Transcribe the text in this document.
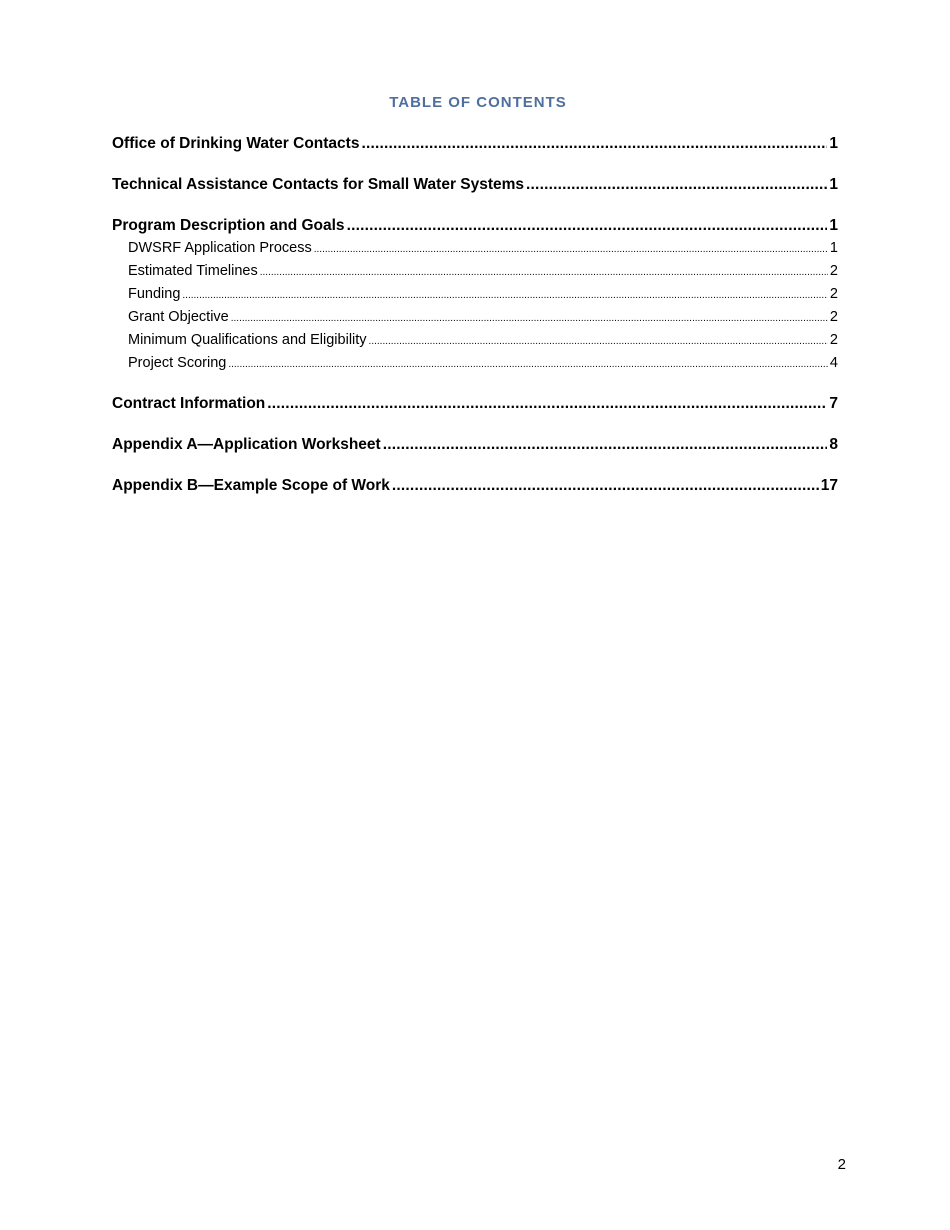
TABLE OF CONTENTS
Office of Drinking Water Contacts .....	1
Technical Assistance Contacts for Small Water Systems .....	1
Program Description and Goals .....	1
DWSRF Application Process .....	1
Estimated Timelines .....	2
Funding .....	2
Grant Objective .....	2
Minimum Qualifications and Eligibility .....	2
Project Scoring .....	4
Contract Information .....	7
Appendix A—Application Worksheet .....	8
Appendix B—Example Scope of Work .....	17
2
